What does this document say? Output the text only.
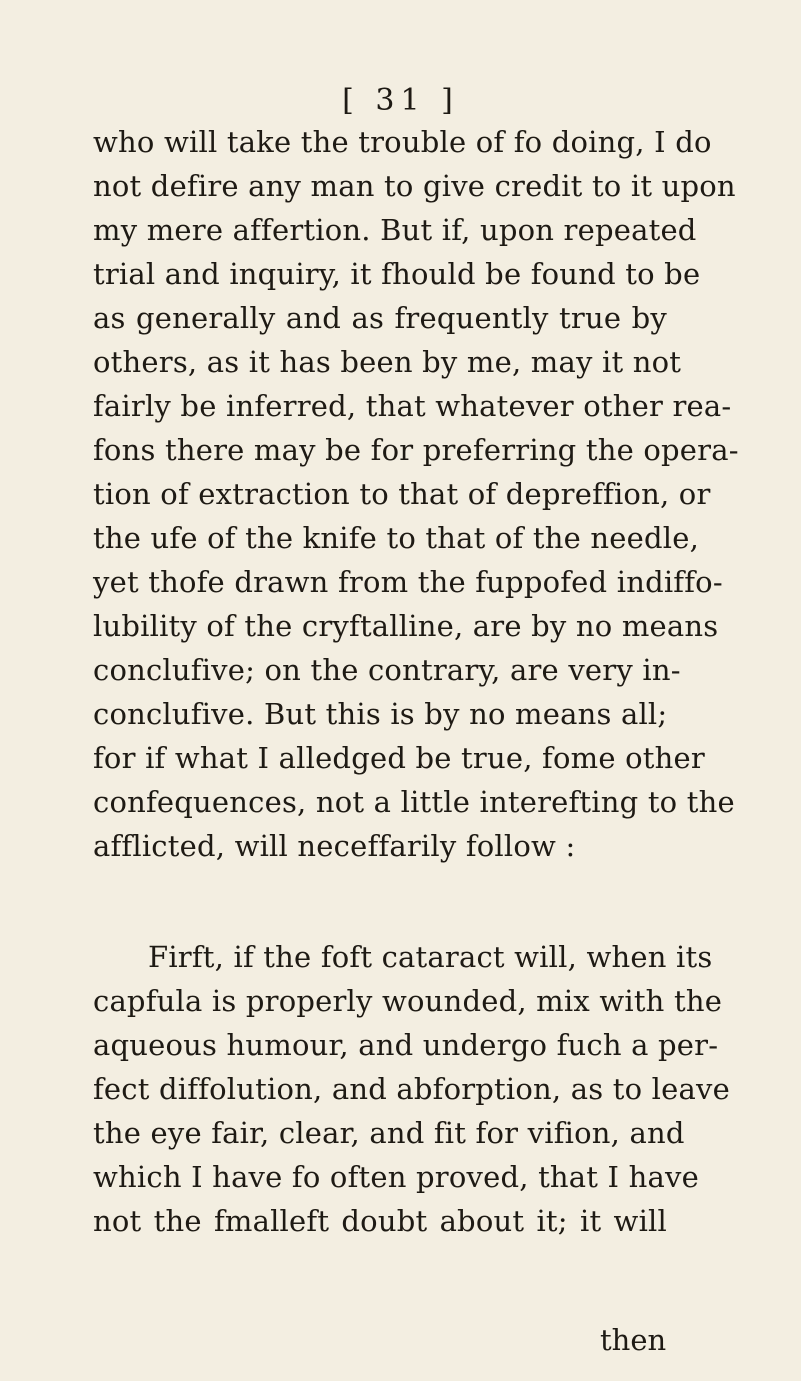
[ 31 ]
who will take the trouble of fo doing, I do
not defire any man to give credit to it upon
my mere affertion. But if, upon repeated
trial and inquiry, it fhould be found to be
as generally and as frequently true by
others, as it has been by me, may it not
fairly be inferred, that whatever other rea-
fons there may be for preferring the opera-
tion of extraction to that of depreffion, or
the ufe of the knife to that of the needle,
yet thofe drawn from the fuppofed indiffo-
lubility of the cryftalline, are by no means
conclufive; on the contrary, are very in-
conclufive. But this is by no means all;
for if what I alledged be true, fome other
confequences, not a little interefting to the
afflicted, will neceffarily follow :
Firft, if the foft cataract will, when its
capfula is properly wounded, mix with the
aqueous humour, and undergo fuch a per-
fect diffolution, and abforption, as to leave
the eye fair, clear, and fit for vifion, and
which I have fo often proved, that I have
not the fmalleft doubt about it; it will
then
